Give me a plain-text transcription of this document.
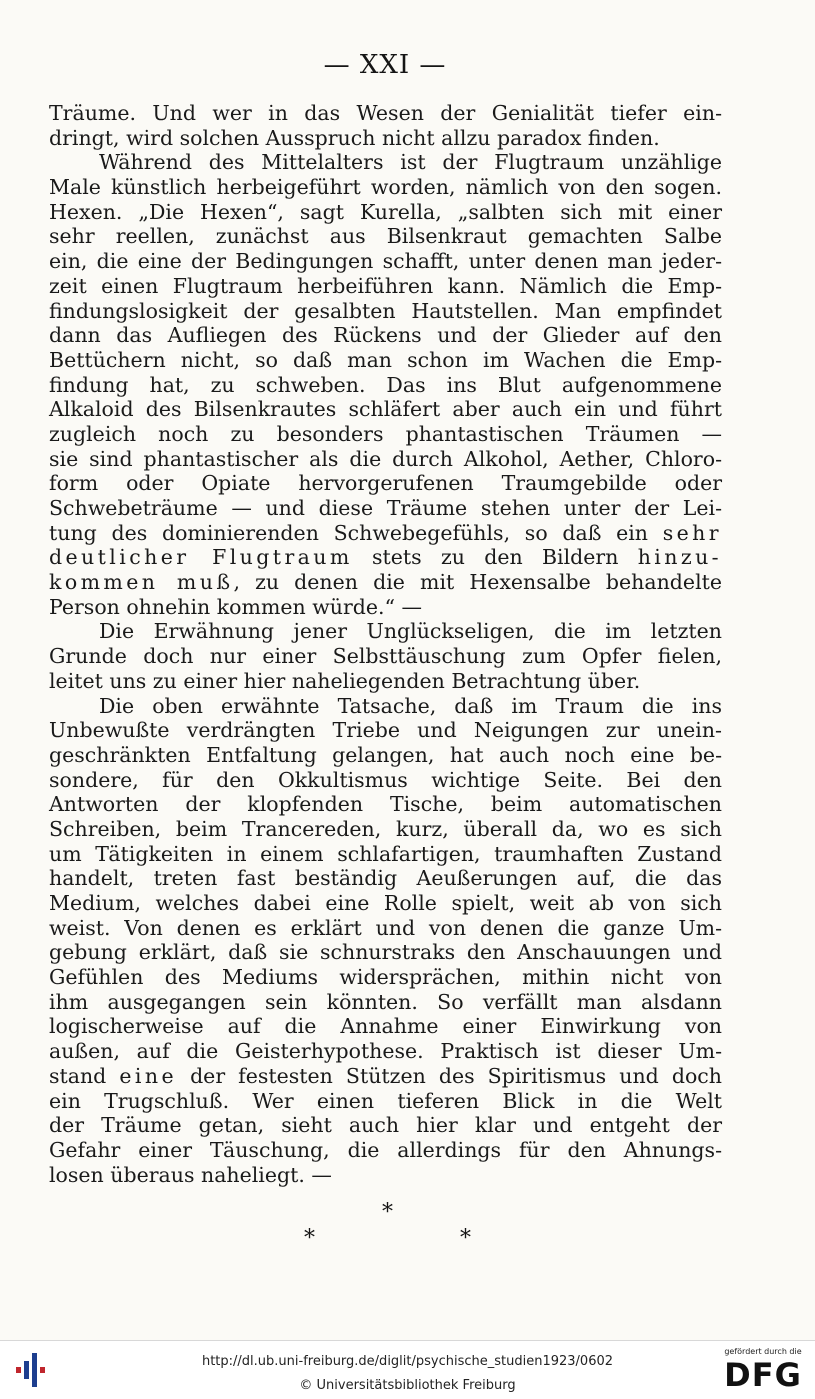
— XXI —

Träume. Und wer in das Wesen der Genialität tiefer ein-
dringt, wird solchen Ausspruch nicht allzu paradox finden.
Während des Mittelalters ist der Flugtraum unzählige
Male künstlich herbeigeführt worden, nämlich von den sogen.
Hexen. „Die Hexen“, sagt Kurella, „salbten sich mit einer
sehr reellen, zunächst aus Bilsenkraut gemachten Salbe
ein, die eine der Bedingungen schafft, unter denen man jeder-
zeit einen Flugtraum herbeiführen kann. Nämlich die Emp-
findungslosigkeit der gesalbten Hautstellen. Man empfindet
dann das Aufliegen des Rückens und der Glieder auf den
Bettüchern nicht, so daß man schon im Wachen die Emp-
findung hat, zu schweben. Das ins Blut aufgenommene
Alkaloid des Bilsenkrautes schläfert aber auch ein und führt
zugleich noch zu besonders phantastischen Träumen —
sie sind phantastischer als die durch Alkohol, Aether, Chloro-
form oder Opiate hervorgerufenen Traumgebilde oder
Schwebeträume — und diese Träume stehen unter der Lei-
tung des dominierenden Schwebegefühls, so daß ein sehr
deutlicher Flugtraum stets zu den Bildern hinzu-
kommen muß, zu denen die mit Hexensalbe behandelte
Person ohnehin kommen würde.“ —
Die Erwähnung jener Unglückseligen, die im letzten
Grunde doch nur einer Selbsttäuschung zum Opfer fielen,
leitet uns zu einer hier naheliegenden Betrachtung über.
Die oben erwähnte Tatsache, daß im Traum die ins
Unbewußte verdrängten Triebe und Neigungen zur unein-
geschränkten Entfaltung gelangen, hat auch noch eine be-
sondere, für den Okkultismus wichtige Seite. Bei den
Antworten der klopfenden Tische, beim automatischen
Schreiben, beim Trancereden, kurz, überall da, wo es sich
um Tätigkeiten in einem schlafartigen, traumhaften Zustand
handelt, treten fast beständig Aeußerungen auf, die das
Medium, welches dabei eine Rolle spielt, weit ab von sich
weist. Von denen es erklärt und von denen die ganze Um-
gebung erklärt, daß sie schnurstraks den Anschauungen und
Gefühlen des Mediums widersprächen, mithin nicht von
ihm ausgegangen sein könnten. So verfällt man alsdann
logischerweise auf die Annahme einer Einwirkung von
außen, auf die Geisterhypothese. Praktisch ist dieser Um-
stand eine der festesten Stützen des Spiritismus und doch
ein Trugschluß. Wer einen tieferen Blick in die Welt
der Träume getan, sieht auch hier klar und entgeht der
Gefahr einer Täuschung, die allerdings für den Ahnungs-
losen überaus naheliegt. —
*
*	*

http://dl.ub.uni-freiburg.de/diglit/psychische_studien1923/0602

© Universitätsbibliothek Freiburg

gefördert durch die

DFG
